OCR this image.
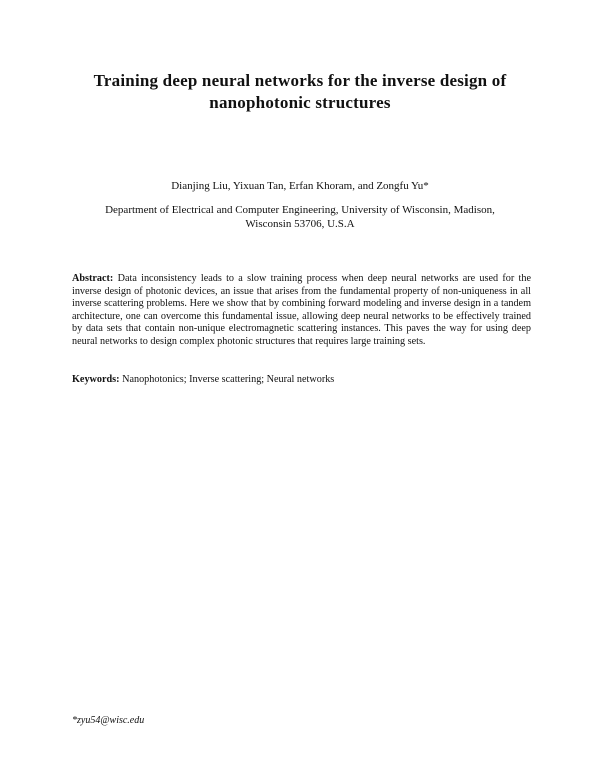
Training deep neural networks for the inverse design of
nanophotonic structures
Dianjing Liu, Yixuan Tan, Erfan Khoram, and Zongfu Yu*
Department of Electrical and Computer Engineering, University of Wisconsin, Madison,
Wisconsin 53706, U.S.A

Abstract: Data inconsistency leads to a slow training process when deep neural networks are used for the inverse design of photonic devices, an issue that arises from the fundamental property of non-uniqueness in all inverse scattering problems. Here we show that by combining forward modeling and inverse design in a tandem architecture, one can overcome this fundamental issue, allowing deep neural networks to be effectively trained by data sets that contain non-unique electromagnetic scattering instances. This paves the way for using deep neural networks to design complex photonic structures that requires large training sets.

Keywords: Nanophotonics; Inverse scattering; Neural networks

*zyu54@wisc.edu
